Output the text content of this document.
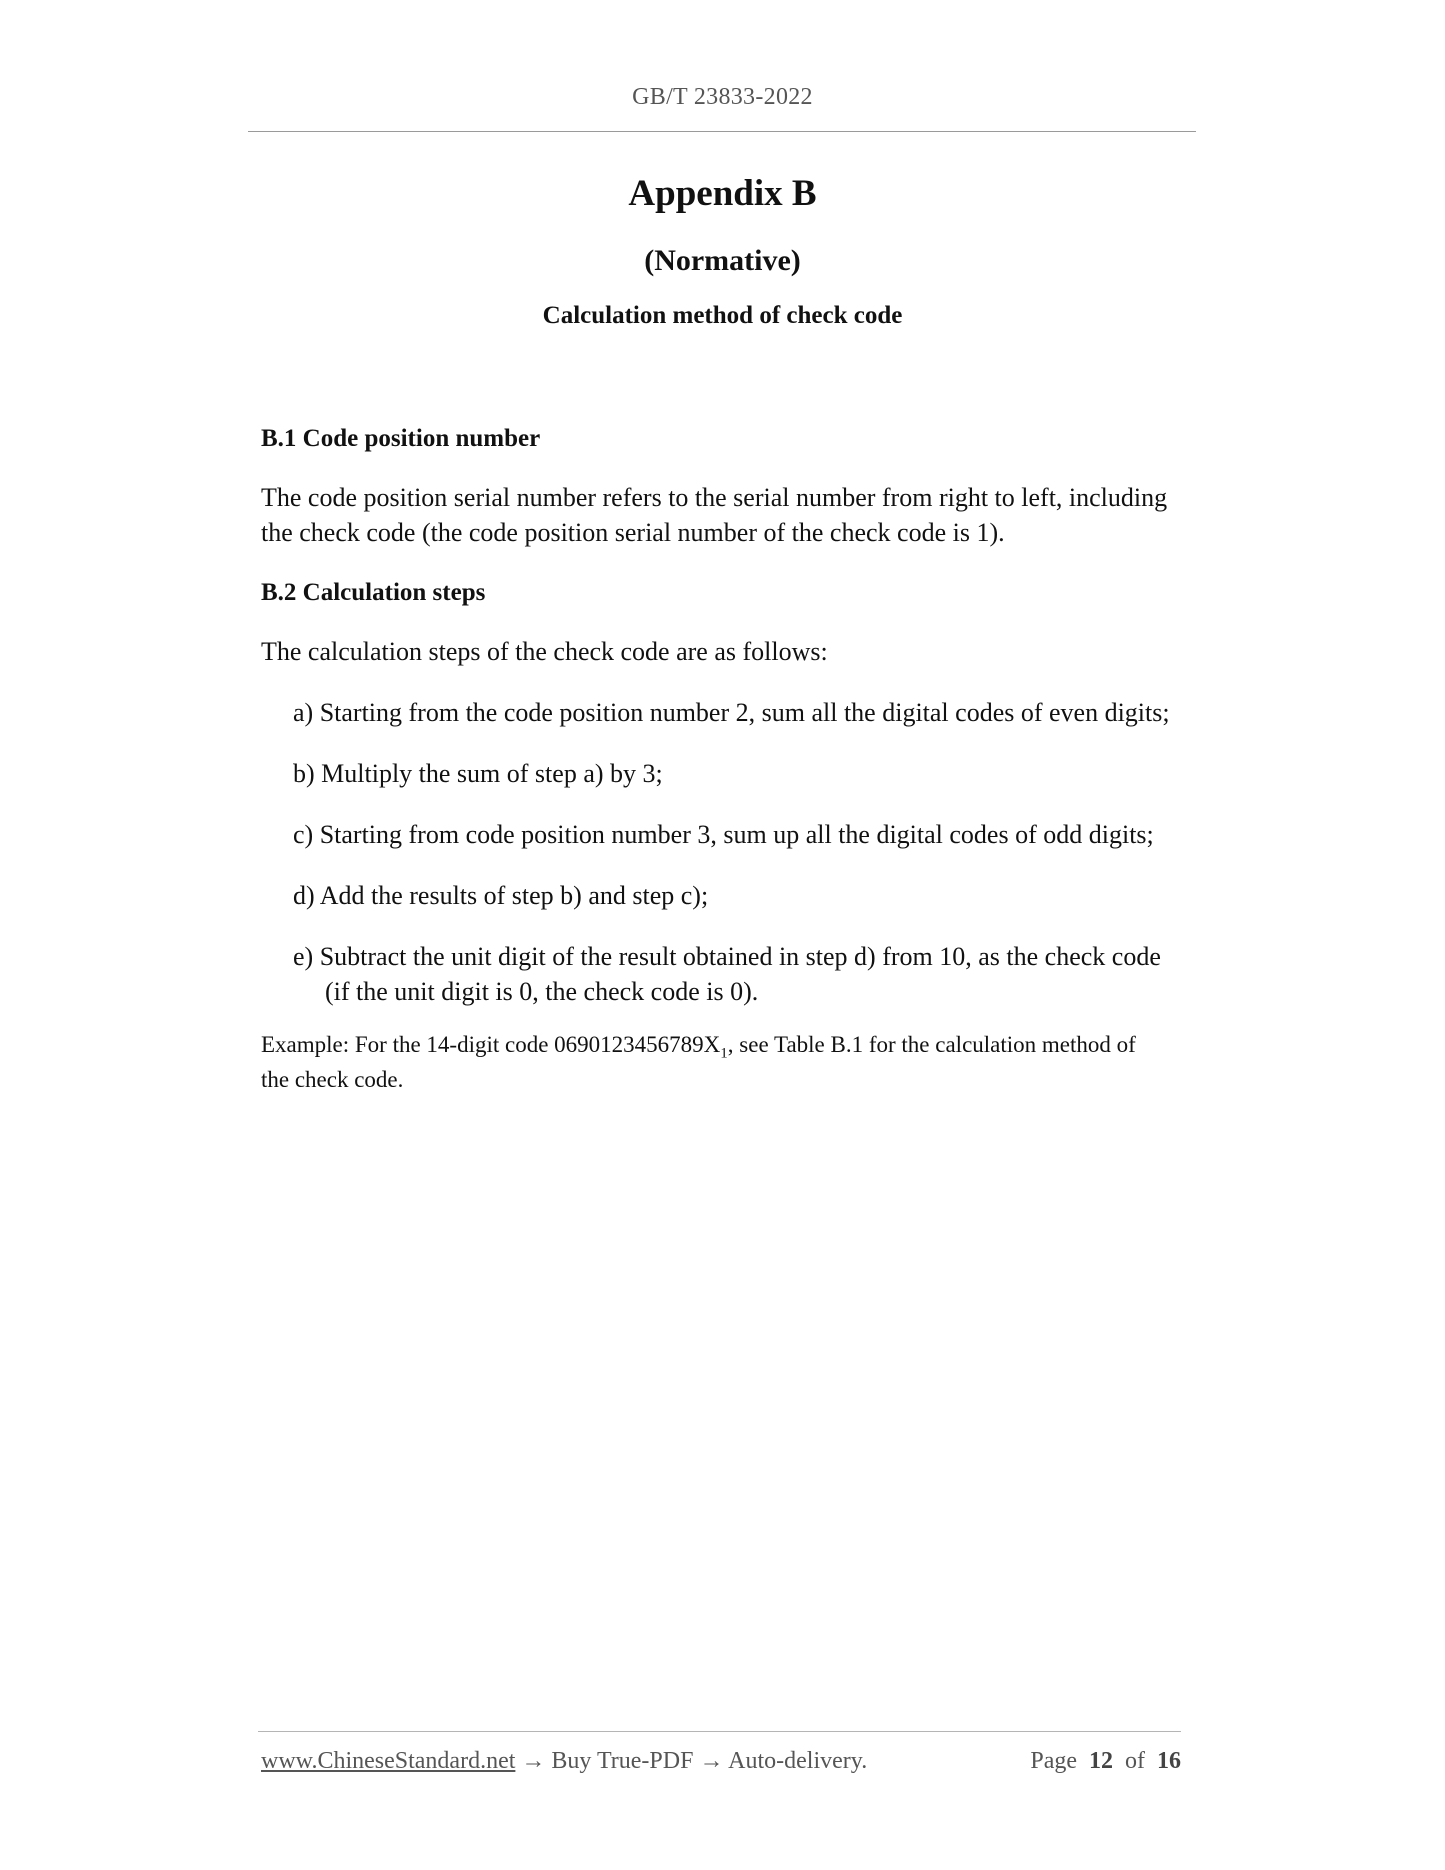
GB/T 23833-2022
Appendix B
(Normative)
Calculation method of check code

B.1 Code position number

The code position serial number refers to the serial number from right to left, including
the check code (the code position serial number of the check code is 1).

B.2 Calculation steps

The calculation steps of the check code are as follows:

a) Starting from the code position number 2, sum all the digital codes of even digits;
b) Multiply the sum of step a) by 3;
c) Starting from code position number 3, sum up all the digital codes of odd digits;
d) Add the results of step b) and step c);
e) Subtract the unit digit of the result obtained in step d) from 10, as the check code
(if the unit digit is 0, the check code is 0).

Example: For the 14-digit code $0690123456789X_1$, see Table B.1 for the calculation method of
the check code.

www.ChineseStandard.net → Buy True-PDF → Auto-delivery.	Page 12 of 16
